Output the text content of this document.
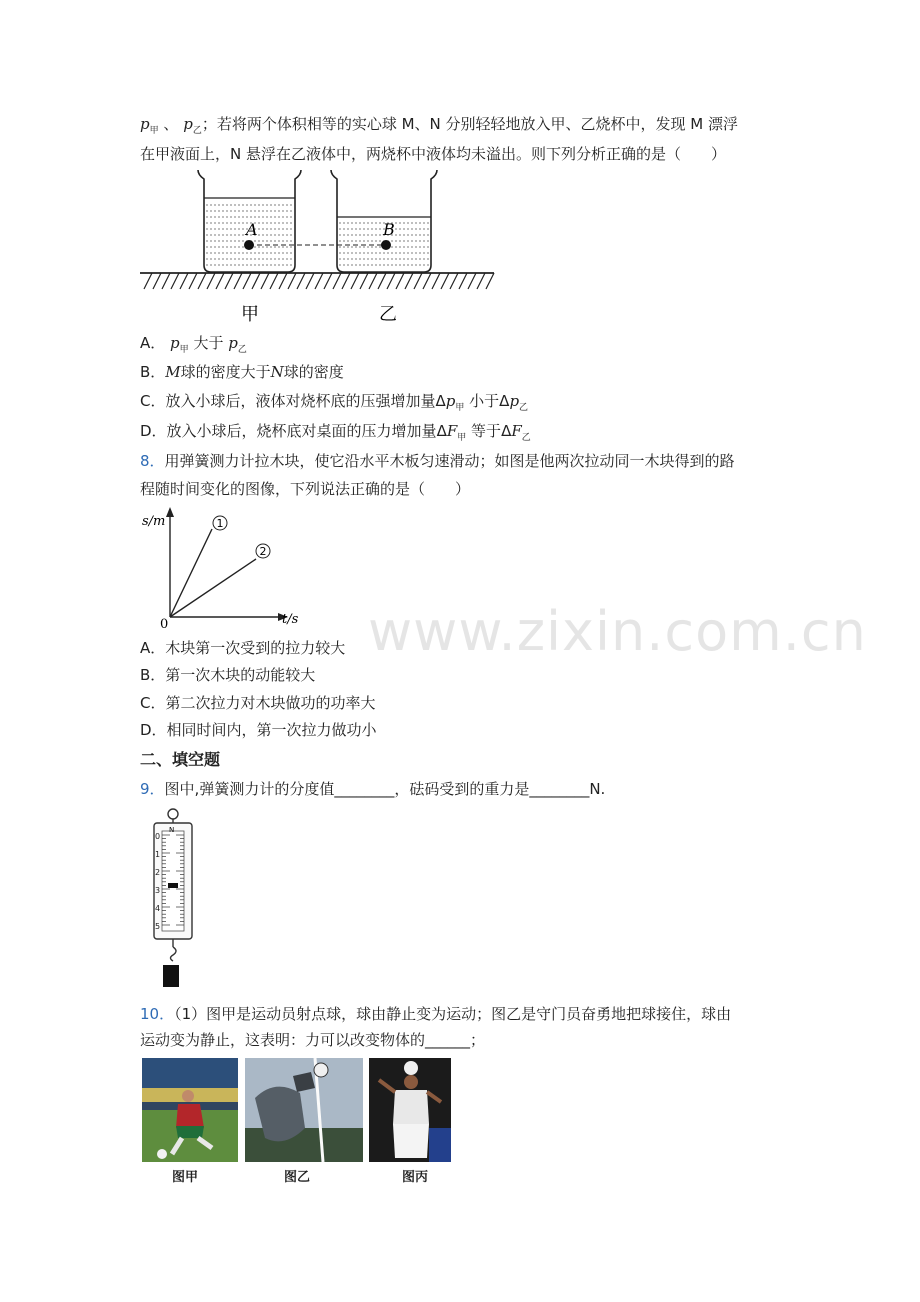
$p_甲$ 、 $p_乙$；若将两个体积相等的实心球 M、N 分别轻轻地放入甲、乙烧杯中，发现 M 漂浮
在甲液面上，N 悬浮在乙液体中，两烧杯中液体均未溢出。则下列分析正确的是（　　）
A	B
甲	乙
A． $p_甲$ 大于 $p_乙$
B．M球的密度大于N球的密度
C．放入小球后，液体对烧杯底的压强增加量$\Delta p_甲$ 小于$\Delta p_乙$
D．放入小球后，烧杯底对桌面的压力增加量$\Delta F_甲$ 等于$\Delta F_乙$
8．用弹簧测力计拉木块，使它沿水平木板匀速滑动；如图是他两次拉动同一木块得到的路
程随时间变化的图像，下列说法正确的是（　　）
1
2
s/m
t/s
0	www.zixin.com.cn
A．木块第一次受到的拉力较大
B．第一次木块的动能较大
C．第二次拉力对木块做功的功率大
D．相同时间内，第一次拉力做功小
二、填空题
9．图中,弹簧测力计的分度值________，砝码受到的重力是________N.
N
0
1
2
3
4
5
10．（1）图甲是运动员射点球，球由静止变为运动；图乙是守门员奋勇地把球接住，球由
运动变为静止，这表明：力可以改变物体的______；
图甲	图乙	图丙
